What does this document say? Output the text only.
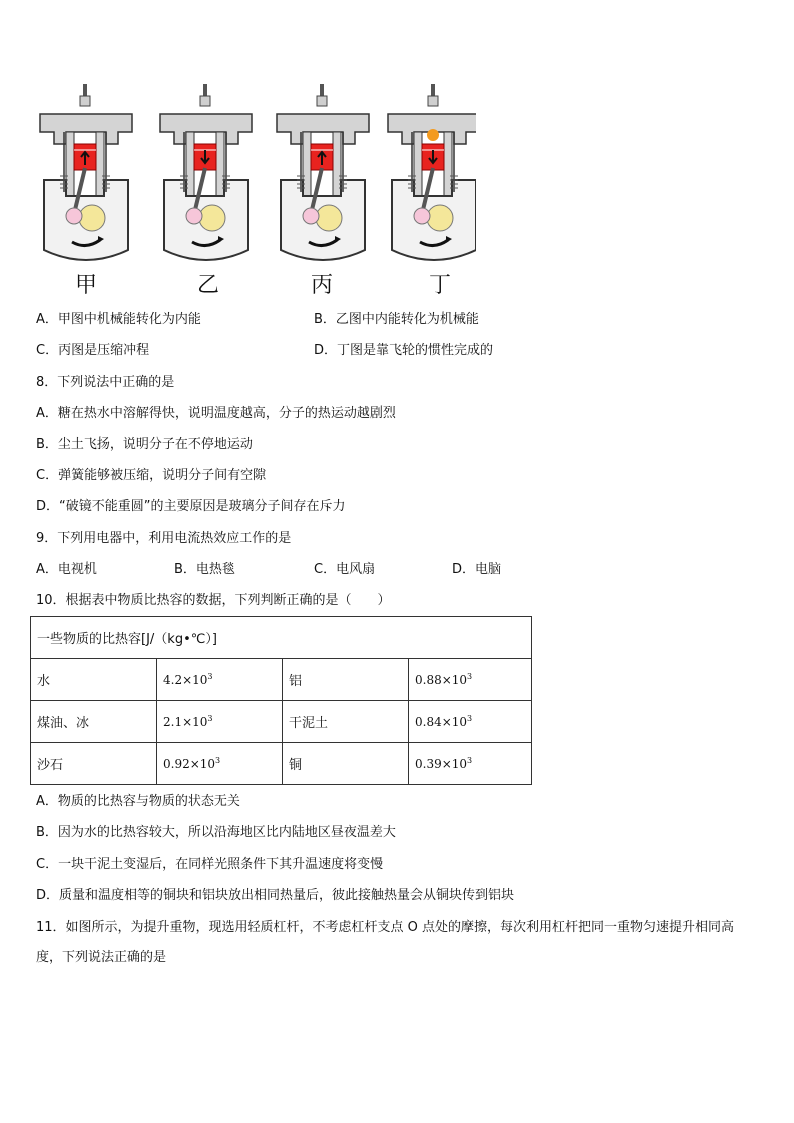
甲	乙	丙	丁
A．甲图中机械能转化为内能	B．乙图中内能转化为机械能
C．丙图是压缩冲程	D．丁图是靠飞轮的惯性完成的
8．下列说法中正确的是
A．糖在热水中溶解得快，说明温度越高，分子的热运动越剧烈
B．尘土飞扬，说明分子在不停地运动
C．弹簧能够被压缩，说明分子间有空隙
D．“破镜不能重圆”的主要原因是玻璃分子间存在斥力
9．下列用电器中，利用电流热效应工作的是
A．电视机	B．电热毯	C．电风扇	D．电脑
10．根据表中物质比热容的数据，下列判断正确的是（　　）
一些物质的比热容[J/（kg•℃）]			
水	$4.2\times 10^3$	铝	$0.88\times 10^3$
煤油、冰	$2.1\times 10^3$	干泥土	$0.84\times 10^3$
沙石	$0.92\times 10^3$	铜	$0.39\times 10^3$
A．物质的比热容与物质的状态无关
B．因为水的比热容较大，所以沿海地区比内陆地区昼夜温差大
C．一块干泥土变湿后，在同样光照条件下其升温速度将变慢
D．质量和温度相等的铜块和铝块放出相同热量后，彼此接触热量会从铜块传到铝块
11．如图所示，为提升重物，现选用轻质杠杆，不考虑杠杆支点 O 点处的摩擦，每次利用杠杆把同一重物匀速提升相同高度，下列说法正确的是
